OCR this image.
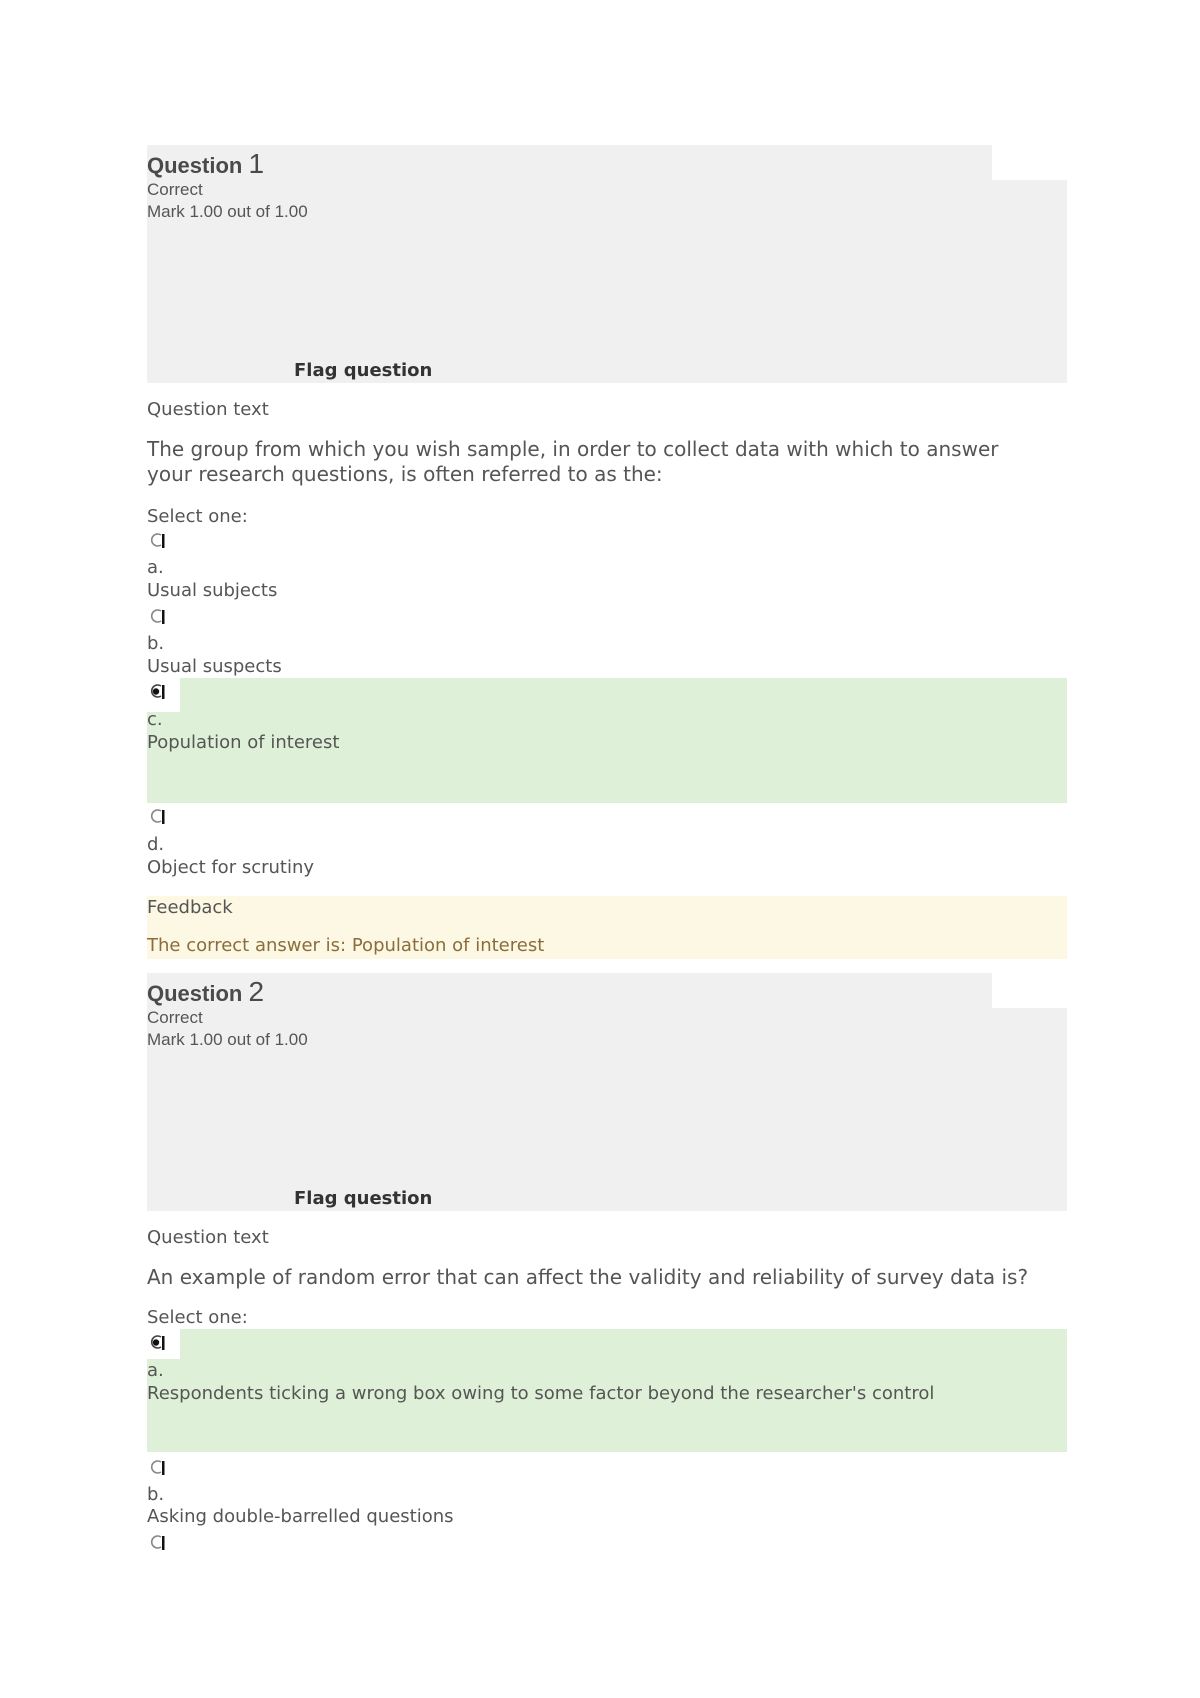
Question 1
Correct
Mark 1.00 out of 1.00
Flag question
Question text
The group from which you wish sample, in order to collect data with which to answer your research questions, is often referred to as the:
Select one:
a.
Usual subjects
b.
Usual suspects
c.
Population of interest
d.
Object for scrutiny
Feedback
The correct answer is: Population of interest
Question 2
Correct
Mark 1.00 out of 1.00
Flag question
Question text
An example of random error that can affect the validity and reliability of survey data is?
Select one:
a.
Respondents ticking a wrong box owing to some factor beyond the researcher's control
b.
Asking double-barrelled questions
